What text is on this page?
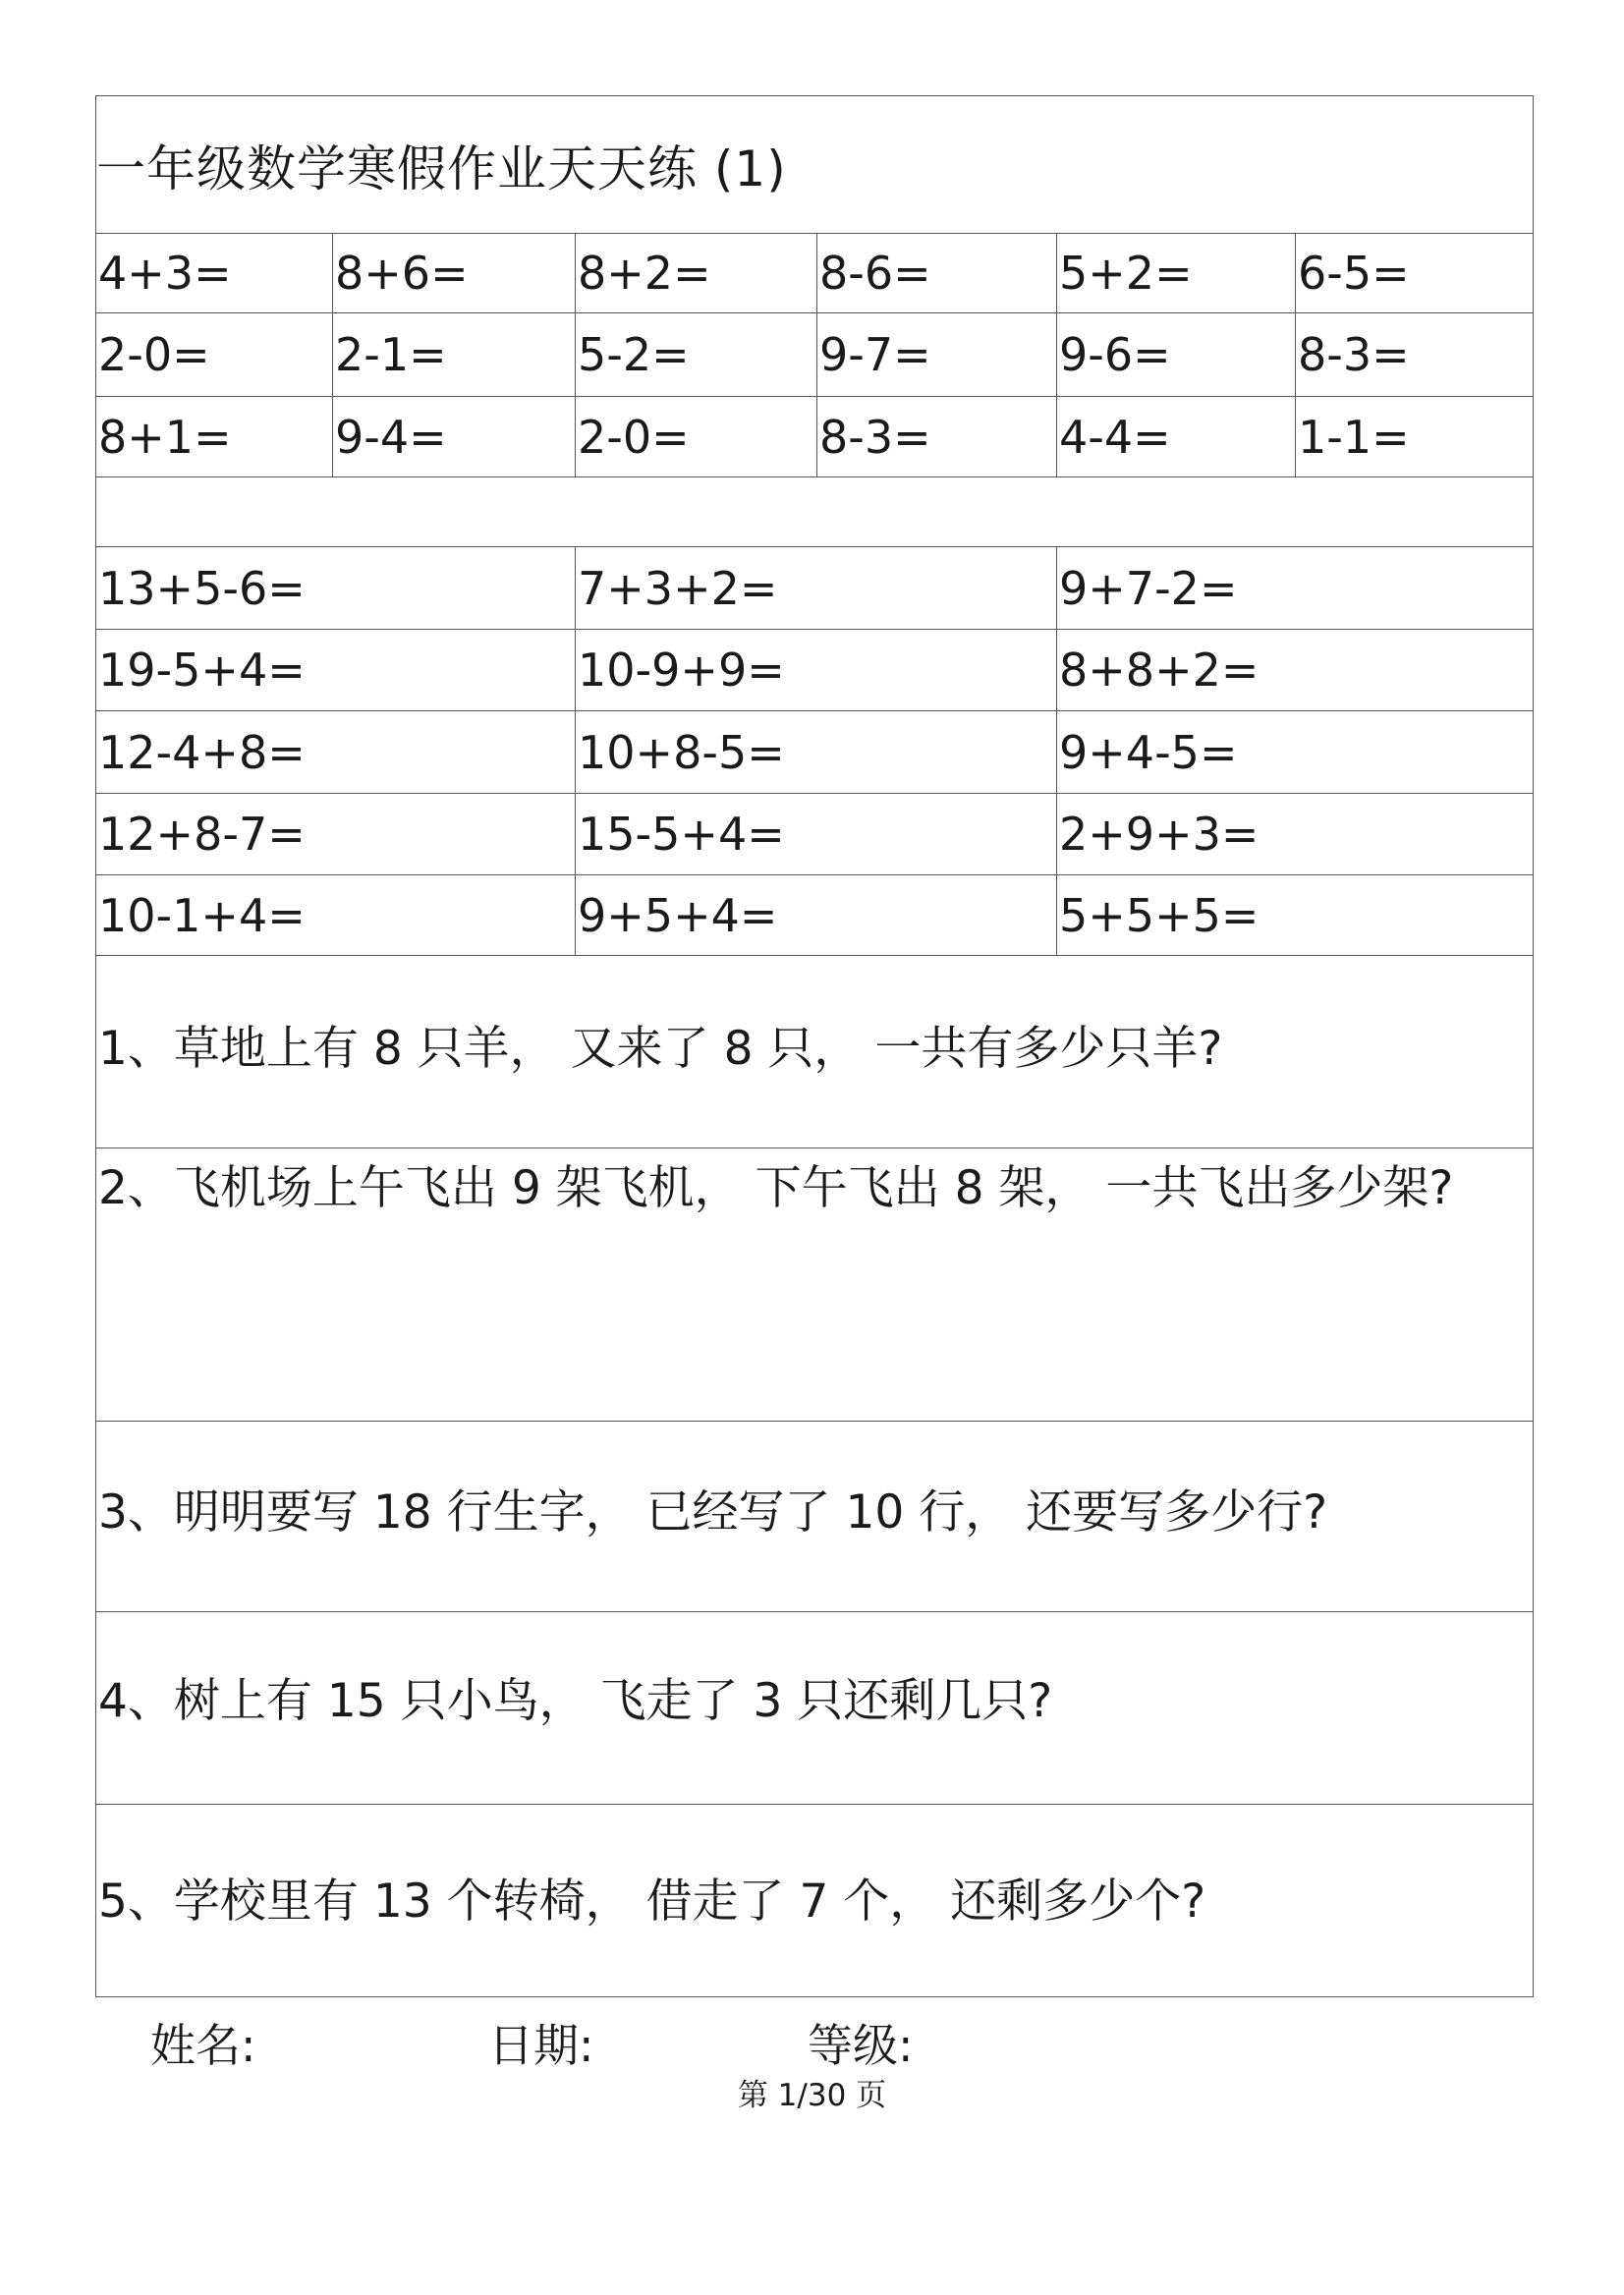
一年级数学寒假作业天天练 (1)
4+3=	8+6=	8+2=	8-6=	5+2=	6-5=
2-0=	2-1=	5-2=	9-7=	9-6=	8-3=
8+1=	9-4=	2-0=	8-3=	4-4=	1-1=
13+5-6=	7+3+2=	9+7-2=
19-5+4=	10-9+9=	8+8+2=
12-4+8=	10+8-5=	9+4-5=
12+8-7=	15-5+4=	2+9+3=
10-1+4=	9+5+4=	5+5+5=
1、草地上有 8 只羊， 又来了 8 只， 一共有多少只羊?
2、飞机场上午飞出 9 架飞机， 下午飞出 8 架， 一共飞出多少架?
3、明明要写 18 行生字， 已经写了 10 行， 还要写多少行?
4、树上有 15 只小鸟， 飞走了 3 只还剩几只?
5、学校里有 13 个转椅， 借走了 7 个， 还剩多少个?
姓名:	日期:	等级:
第 1/30 页
